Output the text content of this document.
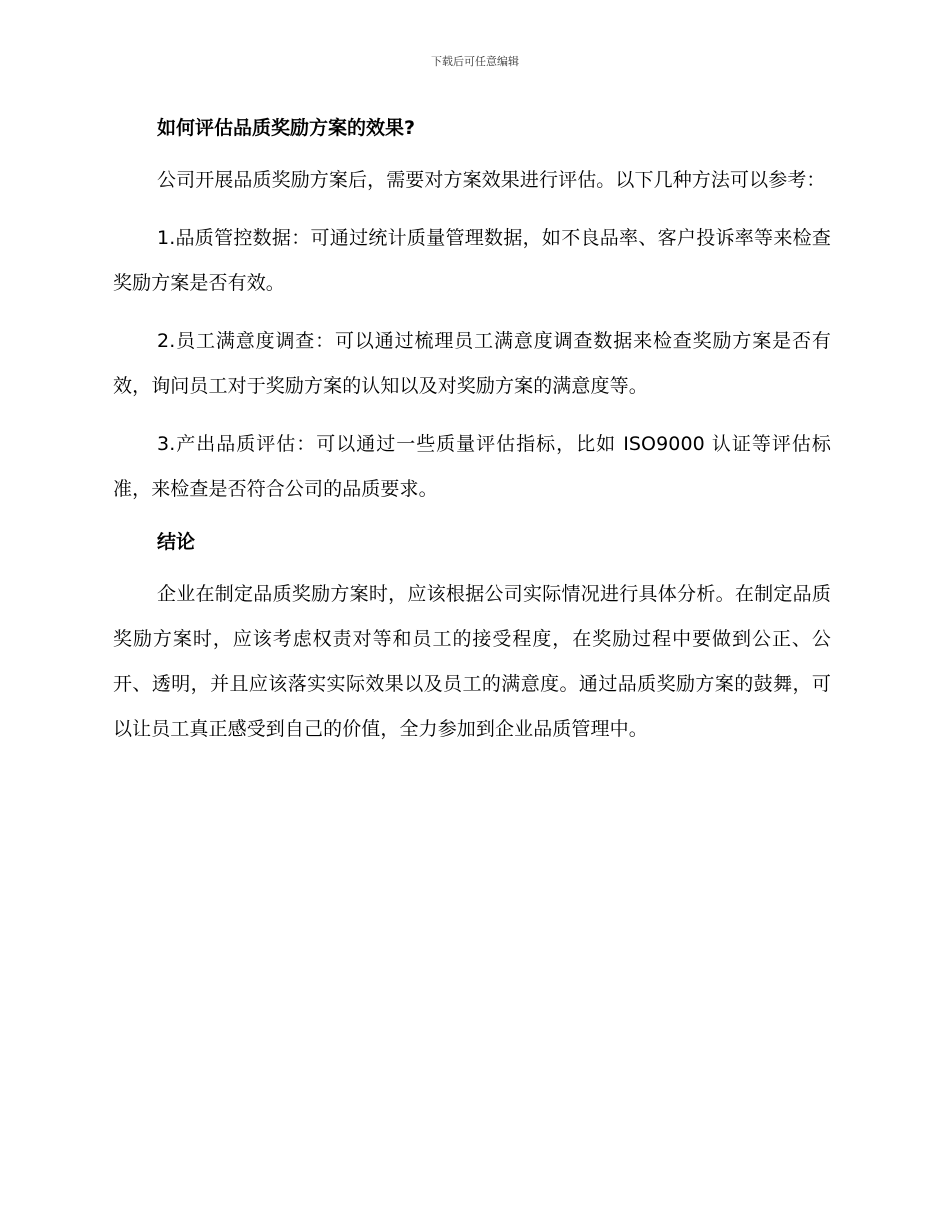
下载后可任意编辑
如何评估品质奖励方案的效果?

公司开展品质奖励方案后，需要对方案效果进行评估。以下几种方法可以参考：

1.品质管控数据：可通过统计质量管理数据，如不良品率、客户投诉率等来检查奖励方案是否有效。

2.员工满意度调查：可以通过梳理员工满意度调查数据来检查奖励方案是否有效，询问员工对于奖励方案的认知以及对奖励方案的满意度等。

3.产出品质评估：可以通过一些质量评估指标，比如 ISO9000 认证等评估标准，来检查是否符合公司的品质要求。

结论

企业在制定品质奖励方案时，应该根据公司实际情况进行具体分析。在制定品质奖励方案时，应该考虑权责对等和员工的接受程度，在奖励过程中要做到公正、公开、透明，并且应该落实实际效果以及员工的满意度。通过品质奖励方案的鼓舞，可以让员工真正感受到自己的价值，全力参加到企业品质管理中。
